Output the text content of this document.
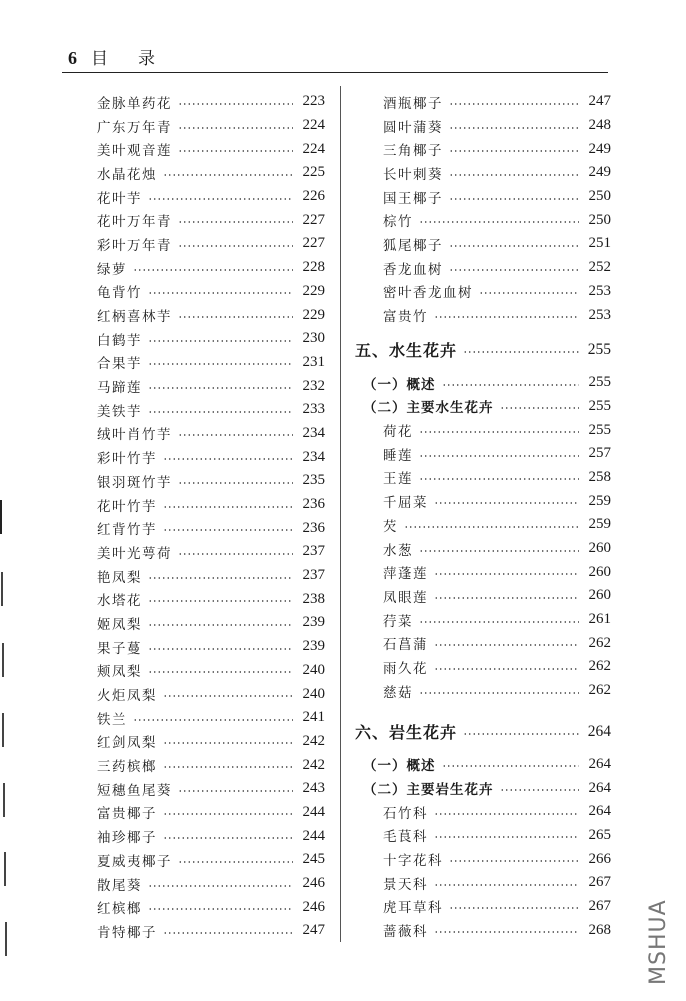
6 目 录
金脉单药花	223
广东万年青	224
美叶观音莲	224
水晶花烛	225
花叶芋	226
花叶万年青	227
彩叶万年青	227
绿萝	228
龟背竹	229
红柄喜林芋	229
白鹤芋	230
合果芋	231
马蹄莲	232
美铁芋	233
绒叶肖竹芋	234
彩叶竹芋	234
银羽斑竹芋	235
花叶竹芋	236
红背竹芋	236
美叶光萼荷	237
艳凤梨	237
水塔花	238
姬凤梨	239
果子蔓	239
颊凤梨	240
火炬凤梨	240
铁兰	241
红剑凤梨	242
三药槟榔	242
短穗鱼尾葵	243
富贵椰子	244
袖珍椰子	244
夏威夷椰子	245
散尾葵	246
红槟榔	246
肯特椰子	247
酒瓶椰子	247
圆叶蒲葵	248
三角椰子	249
长叶刺葵	249
国王椰子	250
棕竹	250
狐尾椰子	251
香龙血树	252
密叶香龙血树	253
富贵竹	253
五、水生花卉	255
（一）概述	255
（二）主要水生花卉	255
荷花	255
睡莲	257
王莲	258
千屈菜	259
芡	259
水葱	260
萍蓬莲	260
凤眼莲	260
荇菜	261
石菖蒲	262
雨久花	262
慈菇	262
六、岩生花卉	264
（一）概述	264
（二）主要岩生花卉	264
石竹科	264
毛茛科	265
十字花科	266
景天科	267
虎耳草科	267
蔷薇科	268 MSHUA
